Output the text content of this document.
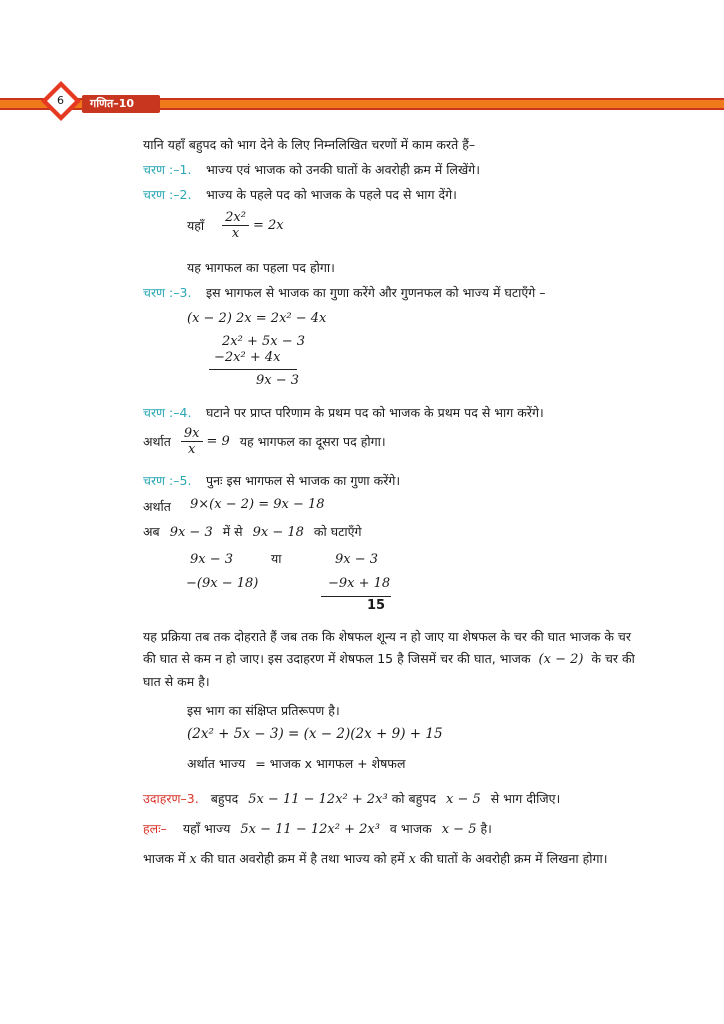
6 गणित–10
यानि यहाँ बहुपद को भाग देने के लिए निम्नलिखित चरणों में काम करते हैं–
चरण :–1. भाज्य एवं भाजक को उनकी घातों के अवरोही क्रम में लिखेंगे।
चरण :–2. भाज्य के पहले पद को भाजक के पहले पद से भाग देंगे।
यहाँ $\frac{\text{2x²}}{x} = 2x$
यह भागफल का पहला पद होगा।
चरण :–3. इस भागफल से भाजक का गुणा करेंगे और गुणनफल को भाज्य में घटाएँगे –
(x − 2) 2x = 2x² − 4x
2x² + 5x − 3
−2x² + 4x
9x − 3
चरण :–4. घटाने पर प्राप्त परिणाम के प्रथम पद को भाजक के प्रथम पद से भाग करेंगे।
अर्थात $\frac{9x}{x} = 9$ यह भागफल का दूसरा पद होगा।
चरण :–5. पुनः इस भागफल से भाजक का गुणा करेंगे।
अर्थात 9×(x − 2) = 9x − 18
अब 9x − 3 में से 9x − 18 को घटाएँगे
9x − 3	या	9x − 3
−(9x − 18)	−9x + 18
15
यह प्रक्रिया तब तक दोहराते हैं जब तक कि शेषफल शून्य न हो जाए या शेषफल के चर की घात भाजक के चर की घात से कम न हो जाए। इस उदाहरण में शेषफल 15 है जिसमें चर की घात, भाजक (x − 2) के चर की घात से कम है।
इस भाग का संक्षिप्त प्रतिरूपण है।
(2x² + 5x − 3) = (x − 2)(2x + 9) + 15
अर्थात भाज्य = भाजक x भागफल + शेषफल
उदाहरण–3. बहुपद 5x − 11 − 12x² + 2x³ को बहुपद x − 5 से भाग दीजिए।
हलः– यहाँ भाज्य 5x − 11 − 12x² + 2x³ व भाजक x − 5 है।
भाजक में x की घात अवरोही क्रम में है तथा भाज्य को हमें x की घातों के अवरोही क्रम में लिखना होगा।
